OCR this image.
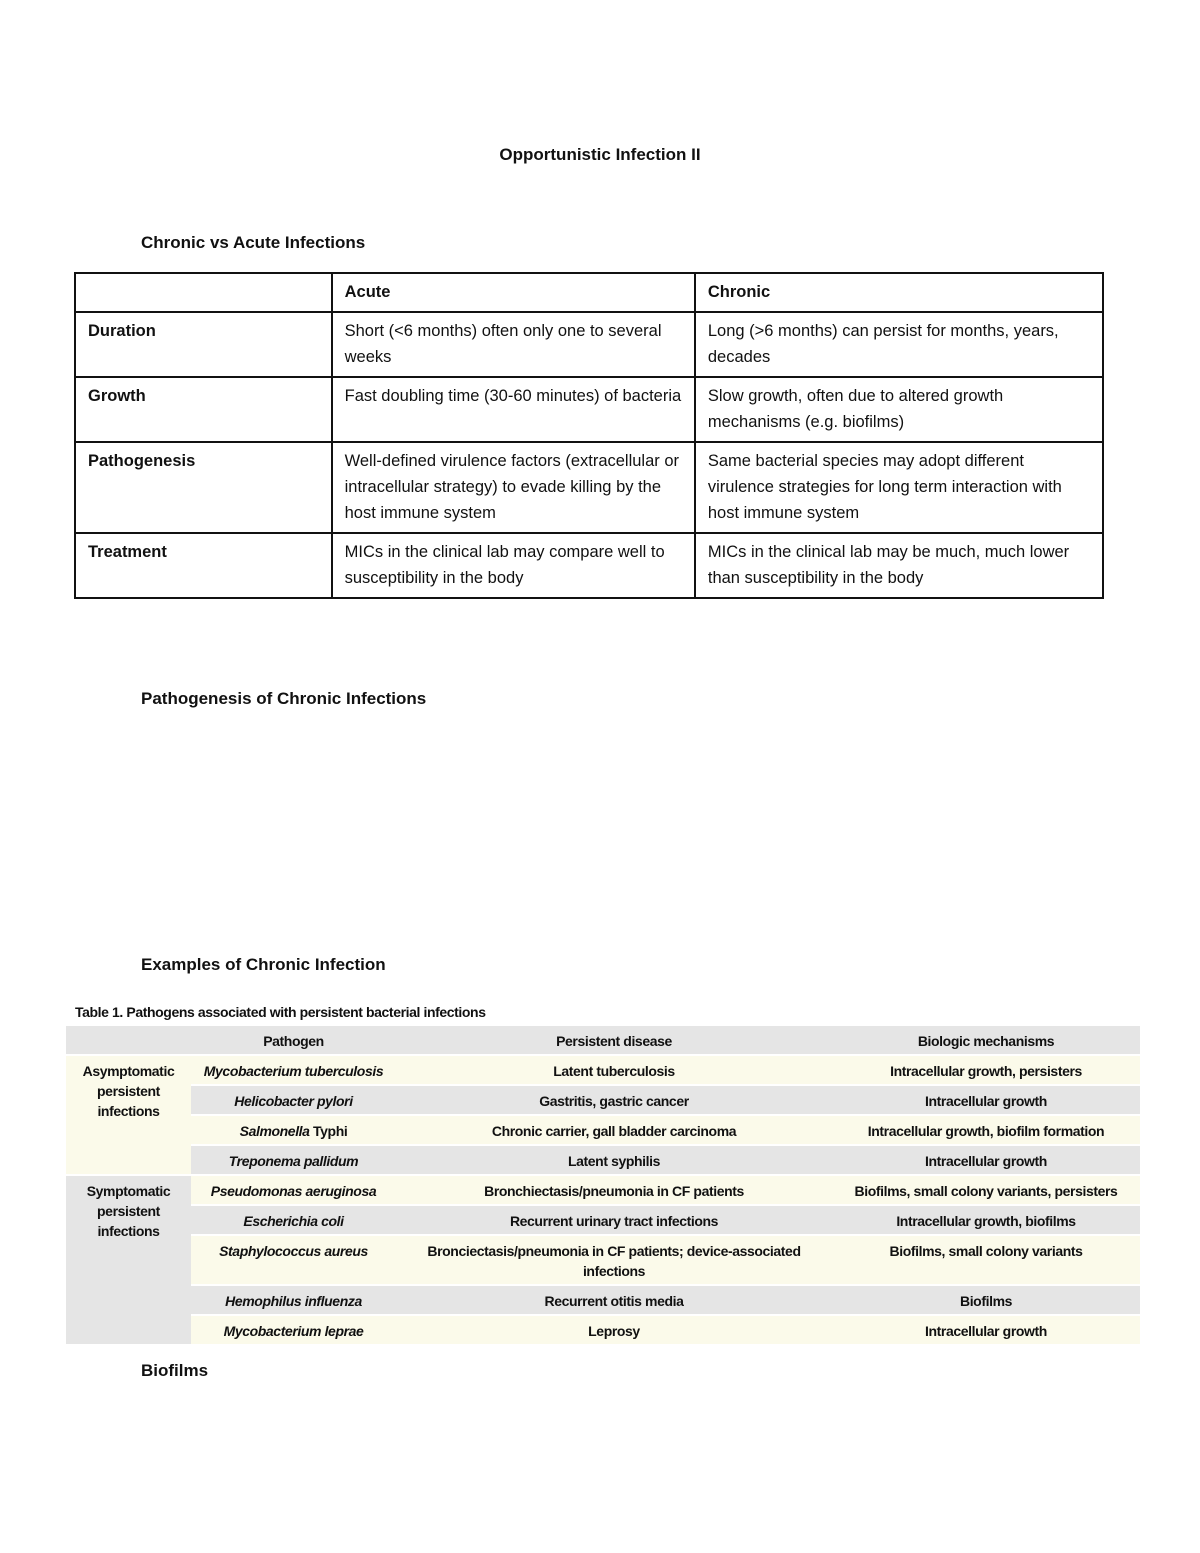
Opportunistic Infection II
Chronic vs Acute Infections
	Acute	Chronic
Duration	Short (<6 months) often only one to several weeks	Long (>6 months) can persist for months, years, decades
Growth	Fast doubling time (30-60 minutes) of bacteria	Slow growth, often due to altered growth mechanisms (e.g. biofilms)
Pathogenesis	Well-defined virulence factors (extracellular or intracellular strategy) to evade killing by the host immune system	Same bacterial species may adopt different virulence strategies for long term interaction with host immune system
Treatment	MICs in the clinical lab may compare well to susceptibility in the body	MICs in the clinical lab may be much, much lower than susceptibility in the body
Pathogenesis of Chronic Infections
Examples of Chronic Infection
Table 1. Pathogens associated with persistent bacterial infections
	Pathogen	Persistent disease	Biologic mechanisms
Asymptomatic persistent infections	Mycobacterium tuberculosis	Latent tuberculosis	Intracellular growth, persisters
	Helicobacter pylori	Gastritis, gastric cancer	Intracellular growth
	Salmonella Typhi	Chronic carrier, gall bladder carcinoma	Intracellular growth, biofilm formation
	Treponema pallidum	Latent syphilis	Intracellular growth
Symptomatic persistent infections	Pseudomonas aeruginosa	Bronchiectasis/pneumonia in CF patients	Biofilms, small colony variants, persisters
	Escherichia coli	Recurrent urinary tract infections	Intracellular growth, biofilms
	Staphylococcus aureus	Bronciectasis/pneumonia in CF patients; device-associated infections	Biofilms, small colony variants
	Hemophilus influenza	Recurrent otitis media	Biofilms
	Mycobacterium leprae	Leprosy	Intracellular growth
Biofilms
